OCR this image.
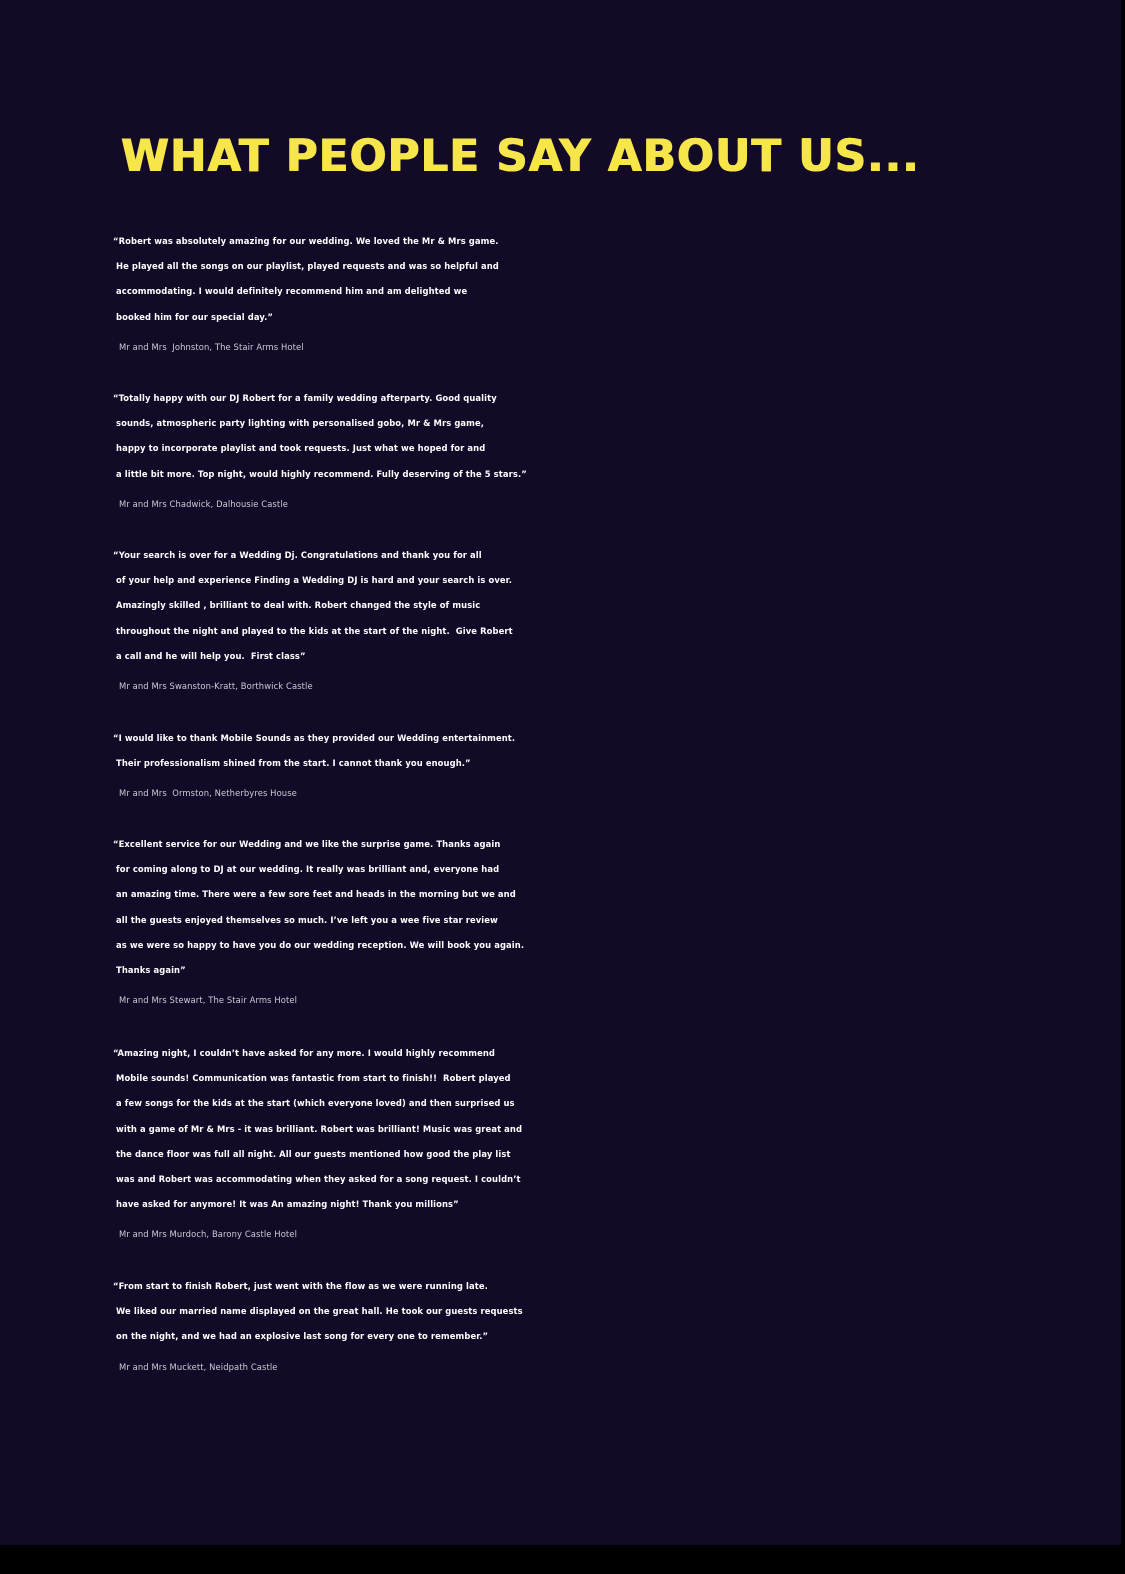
WHAT PEOPLE SAY ABOUT US...
“Robert was absolutely amazing for our wedding. We loved the Mr & Mrs game.
He played all the songs on our playlist, played requests and was so helpful and
accommodating. I would definitely recommend him and am delighted we
booked him for our special day.”
Mr and Mrs  Johnston, The Stair Arms Hotel
“Totally happy with our DJ Robert for a family wedding afterparty. Good quality
sounds, atmospheric party lighting with personalised gobo, Mr & Mrs game,
happy to incorporate playlist and took requests. Just what we hoped for and
a little bit more. Top night, would highly recommend. Fully deserving of the 5 stars.”
Mr and Mrs Chadwick, Dalhousie Castle
“Your search is over for a Wedding Dj. Congratulations and thank you for all
of your help and experience Finding a Wedding DJ is hard and your search is over.
Amazingly skilled , brilliant to deal with. Robert changed the style of music
throughout the night and played to the kids at the start of the night.  Give Robert
a call and he will help you.  First class”
Mr and Mrs Swanston-Kratt, Borthwick Castle
“I would like to thank Mobile Sounds as they provided our Wedding entertainment.
Their professionalism shined from the start. I cannot thank you enough.”
Mr and Mrs  Ormston, Netherbyres House
“Excellent service for our Wedding and we like the surprise game. Thanks again
for coming along to DJ at our wedding. It really was brilliant and, everyone had
an amazing time. There were a few sore feet and heads in the morning but we and
all the guests enjoyed themselves so much. I’ve left you a wee five star review
as we were so happy to have you do our wedding reception. We will book you again.
Thanks again”
Mr and Mrs Stewart, The Stair Arms Hotel
“Amazing night, I couldn’t have asked for any more. I would highly recommend
Mobile sounds! Communication was fantastic from start to finish!!  Robert played
a few songs for the kids at the start (which everyone loved) and then surprised us
with a game of Mr & Mrs - it was brilliant. Robert was brilliant! Music was great and
the dance floor was full all night. All our guests mentioned how good the play list
was and Robert was accommodating when they asked for a song request. I couldn’t
have asked for anymore! It was An amazing night! Thank you millions”
Mr and Mrs Murdoch, Barony Castle Hotel
“From start to finish Robert, just went with the flow as we were running late.
We liked our married name displayed on the great hall. He took our guests requests
on the night, and we had an explosive last song for every one to remember.”
Mr and Mrs Muckett, Neidpath Castle
